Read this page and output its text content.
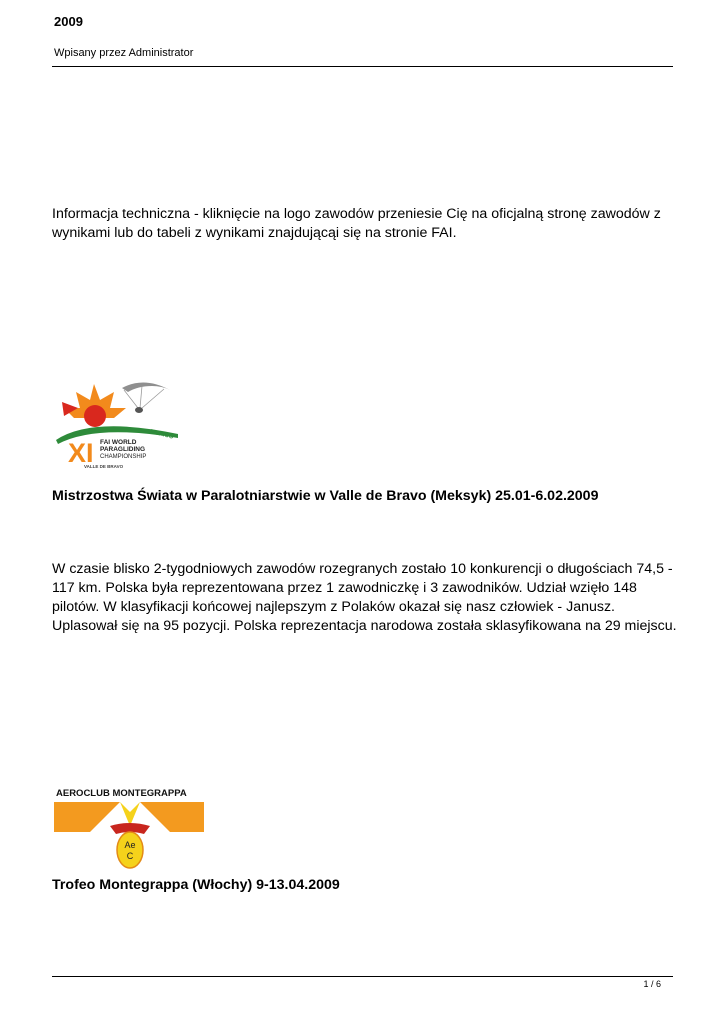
2009
Wpisany przez Administrator

Informacja techniczna - kliknięcie na logo zawodów przeniesie Cię na oficjalną stronę zawodów z wynikami lub do tabeli z wynikami znajdującąi się na stronie FAI.

MEXICO
XI FAI WORLD
PARAGLIDING
CHAMPIONSHIP
VALLE DE BRAVO

Mistrzostwa Świata w Paralotniarstwie w Valle de Bravo (Meksyk) 25.01-6.02.2009

W czasie blisko 2-tygodniowych zawodów rozegranych zostało 10 konkurencji o długościach 74,5 - 117 km. Polska była reprezentowana przez 1 zawodniczkę i 3 zawodników. Udział wzięło 148 pilotów. W klasyfikacji końcowej najlepszym z Polaków okazał się nasz człowiek - Janusz. Uplasował się na 95 pozycji. Polska reprezentacja narodowa została sklasyfikowana na 29 miejscu.

AEROCLUB MONTEGRAPPA
Ae
C

Trofeo Montegrappa (Włochy) 9-13.04.2009

1 / 6
